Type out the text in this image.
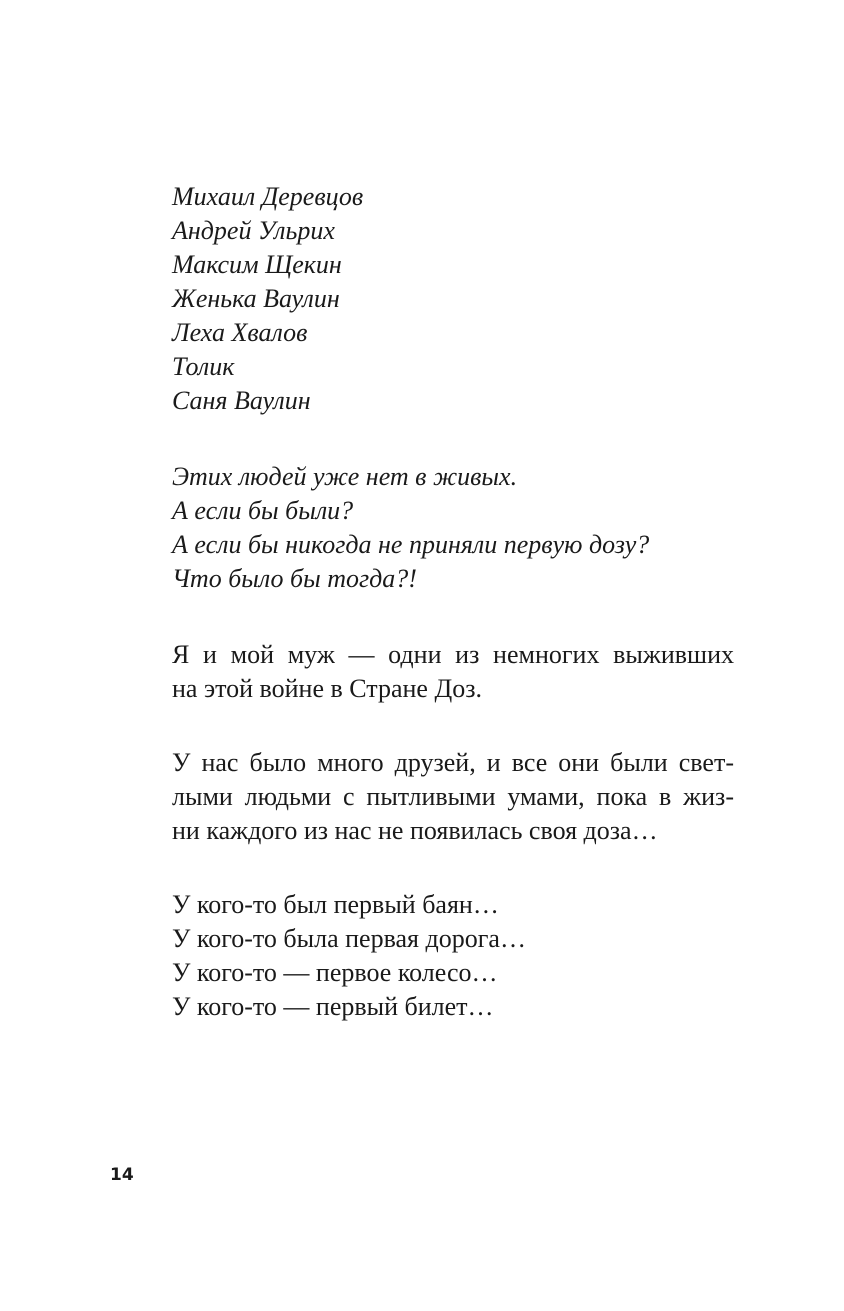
Михаил Деревцов
Андрей Ульрих
Максим Щекин
Женька Ваулин
Леха Хвалов
Толик
Саня Ваулин
Этих людей уже нет в живых.
А если бы были?
А если бы никогда не приняли первую дозу?
Что было бы тогда?!
Я и мой муж — одни из немногих выживших
на этой войне в Стране Доз.
У нас было много друзей, и все они были свет-
лыми людьми с пытливыми умами, пока в жиз-
ни каждого из нас не появилась своя доза…
У кого-то был первый баян…
У кого-то была первая дорога…
У кого-то — первое колесо…
У кого-то — первый билет…
14
